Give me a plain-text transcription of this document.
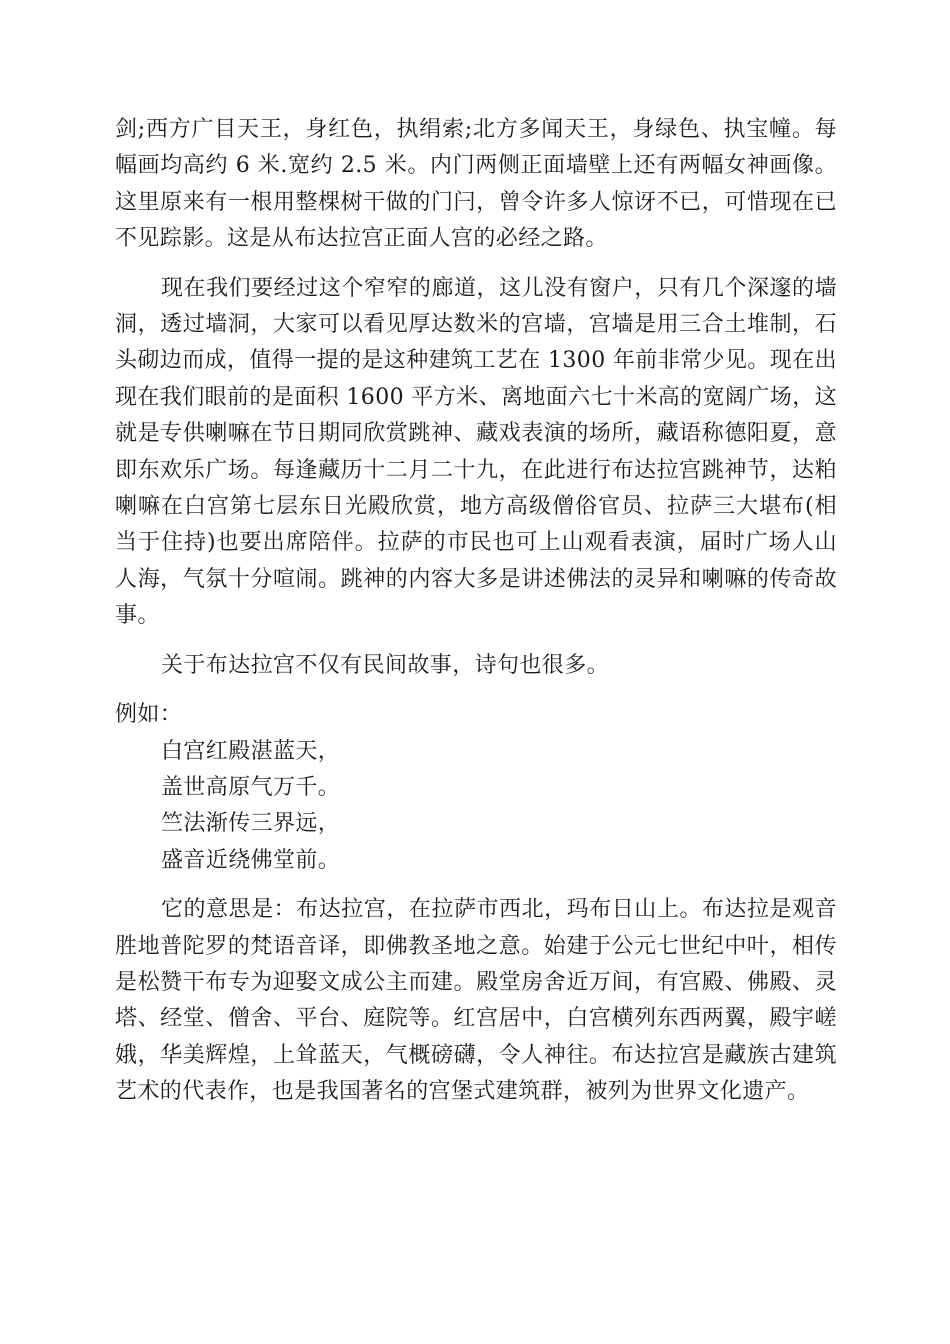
剑;西方广目天王，身红色，执绢索;北方多闻天王，身绿色、执宝幢。每幅画均高约 6 米.宽约 2.5 米。内门两侧正面墙壁上还有两幅女神画像。这里原来有一根用整棵树干做的门闩，曾令许多人惊讶不已，可惜现在已不见踪影。这是从布达拉宫正面人宫的必经之路。

现在我们要经过这个窄窄的廊道，这儿没有窗户，只有几个深邃的墙洞，透过墙洞，大家可以看见厚达数米的宫墙，宫墙是用三合土堆制，石头砌边而成，值得一提的是这种建筑工艺在 1300 年前非常少见。现在出现在我们眼前的是面积 1600 平方米、离地面六七十米高的宽阔广场，这就是专供喇嘛在节日期同欣赏跳神、藏戏表演的场所，藏语称德阳夏，意即东欢乐广场。每逢藏历十二月二十九，在此进行布达拉宫跳神节，达粕喇嘛在白宫第七层东日光殿欣赏，地方高级僧俗官员、拉萨三大堪布(相当于住持)也要出席陪伴。拉萨的市民也可上山观看表演，届时广场人山人海，气氛十分喧闹。跳神的内容大多是讲述佛法的灵异和喇嘛的传奇故事。

关于布达拉宫不仅有民间故事，诗句也很多。

例如：

白宫红殿湛蓝天，

盖世高原气万千。

竺法渐传三界远，

盛音近绕佛堂前。

它的意思是：布达拉宫，在拉萨市西北，玛布日山上。布达拉是观音胜地普陀罗的梵语音译，即佛教圣地之意。始建于公元七世纪中叶，相传是松赞干布专为迎娶文成公主而建。殿堂房舍近万间，有宫殿、佛殿、灵塔、经堂、僧舍、平台、庭院等。红宫居中，白宫横列东西两翼，殿宇嵯娥，华美辉煌，上耸蓝天，气概磅礴，令人神往。布达拉宫是藏族古建筑艺术的代表作，也是我国著名的宫堡式建筑群，被列为世界文化遗产。
